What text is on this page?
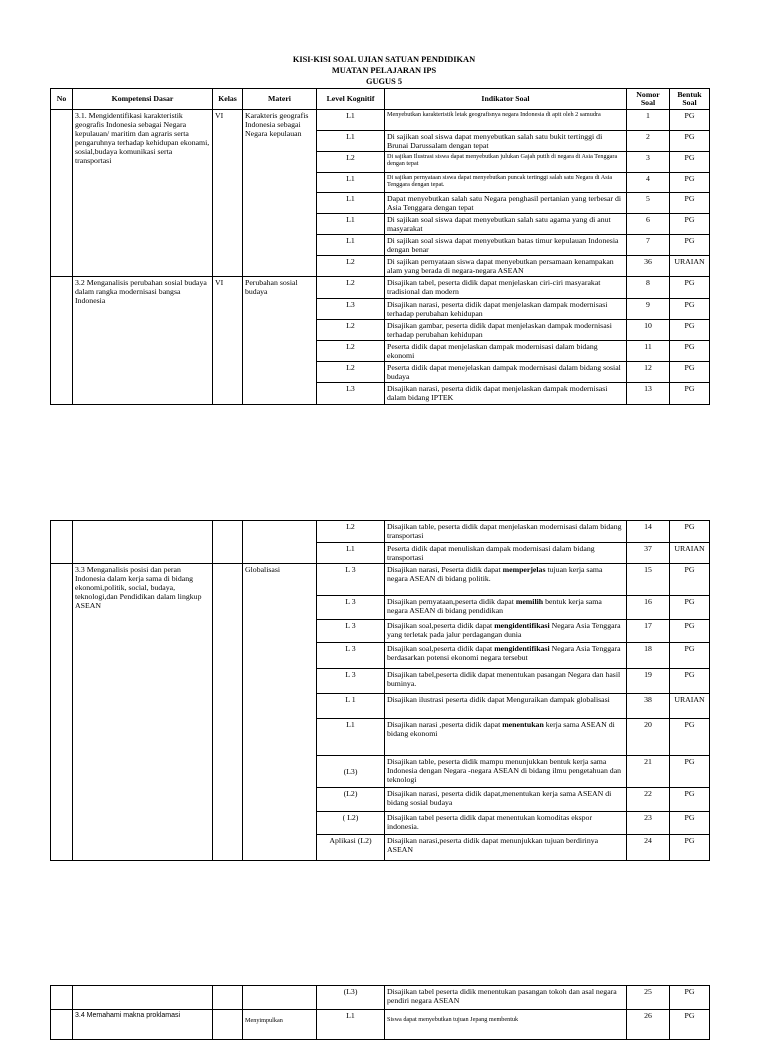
KISI-KISI SOAL UJIAN SATUAN PENDIDIKAN
MUATAN PELAJARAN IPS
GUGUS 5
No	Kompetensi Dasar	Kelas	Materi	Level Kognitif	Indikator Soal	Nomor Soal	Bentuk Soal
	3.1. Mengidentifikasi karakteristik geografis Indonesia sebagai Negara kepulauan/ maritim dan agraris serta pengaruhnya terhadap kehidupan ekonami, sosial,budaya komunikasi serta transportasi	VI	Karakteris geografis Indonesia sebagai Negara kepulauan	L1	Menyebutkan karakteristik letak geografisnya negara Indonesia di apit oleh 2 samudra	1	PG
				L1	Di sajikan soal siswa dapat menyebutkan salah satu bukit tertinggi di Brunai Darussalam dengan tepat	2	PG
				L2	Di sajikan Ilustrasi siswa dapat menyebutkan julukan Gajah putih di negara di Asia Tenggara dengan tepat	3	PG
				L1	Di sajikan pernyataan siswa dapat menyebutkan puncak tertinggi salah satu Negara di Asia Tenggara dengan tepat.	4	PG
				L1	Dapat menyebutkan salah satu Negara penghasil pertanian yang terbesar di Asia Tenggara dengan tepat	5	PG
				L1	Di sajikan soal siswa dapat menyebutkan salah satu agama yang di anut masyarakat	6	PG
				L1	Di sajikan soal siswa dapat menyebutkan batas timur kepulauan Indonesia dengan benar	7	PG
				L2	Di sajikan pernyataan siswa dapat menyebutkan persamaan kenampakan alam yang berada di negara-negara ASEAN	36	URAIAN
	3.2 Menganalisis perubahan sosial budaya dalam rangka modernisasi bangsa Indonesia	VI	Perubahan sosial budaya	L2	Disajikan tabel, peserta didik dapat menjelaskan ciri-ciri masyarakat tradisional dan modern	8	PG
				L3	Disajikan narasi, peserta didik dapat menjelaskan dampak modernisasi terhadap perubahan kehidupan	9	PG
				L2	Disajikan gambar, peserta didik dapat menjelaskan dampak modernisasi terhadap perubahan kehidupan	10	PG
				L2	Peserta didik dapat menjelaskan dampak modernisasi dalam bidang ekonomi	11	PG
				L2	Peserta didik dapat menejelaskan dampak modernisasi dalam bidang sosial budaya	12	PG
				L3	Disajikan narasi, peserta didik dapat menjelaskan dampak modernisasi dalam bidang IPTEK	13	PG
				L2	Disajikan table, peserta didik dapat menjelaskan modernisasi dalam bidang transportasi	14	PG
				L1	Peserta didik dapat menuliskan dampak modernisasi dalam bidang transportasi	37	URAIAN
	3.3 Menganalisis posisi dan peran Indonesia dalam kerja sama di bidang ekonomi,politik, social, budaya, teknologi,dan Pendidikan dalam lingkup ASEAN		Globalisasi	L 3	Disajikan narasi, Peserta didik dapat memperjelas tujuan kerja sama negara ASEAN di bidang politik.	15	PG
				L 3	Disajikan pernyataan,peserta didik dapat memilih bentuk kerja sama negara ASEAN di bidang pendidikan	16	PG
				L 3	Disajikan soal,peserta didik dapat mengidentifikasi Negara Asia Tenggara yang terletak pada jalur perdagangan dunia	17	PG
				L 3	Disajikan soal,peserta didik dapat mengidentifikasi Negara Asia Tenggara berdasarkan potensi ekonomi negara tersebut	18	PG
				L 3	Disajikan tabel,peserta didik dapat menentukan pasangan Negara dan hasil buminya.	19	PG
				L 1	Disajikan ilustrasi peserta didik dapat Menguraikan dampak globalisasi	38	URAIAN
				L1	Disajikan narasi ,peserta didik dapat menentukan kerja sama ASEAN di bidang ekonomi	20	PG
				(L3)	Disajikan table, peserta didik mampu menunjukkan bentuk kerja sama Indonesia dengan Negara -negara ASEAN di bidang ilmu pengetahuan dan teknologi	21	PG
				(L2)	Disajikan narasi, peserta didik dapat,menentukan kerja sama ASEAN di bidang sosial budaya	22	PG
				( L2)	Disajikan tabel peserta didik dapat menentukan komoditas ekspor indonesia.	23	PG
				Aplikasi (L2)	Disajikan narasi,peserta didik dapat menunjukkan tujuan berdirinya ASEAN	24	PG
				(L3)	Disajikan tabel peserta didik menentukan pasangan tokoh dan asal negara pendiri negara ASEAN	25	PG
	3.4 Memahami makna proklamasi		Menyimpulkan	L1	Siswa dapat menyebutkan tujuan Jepang membentuk	26	PG
